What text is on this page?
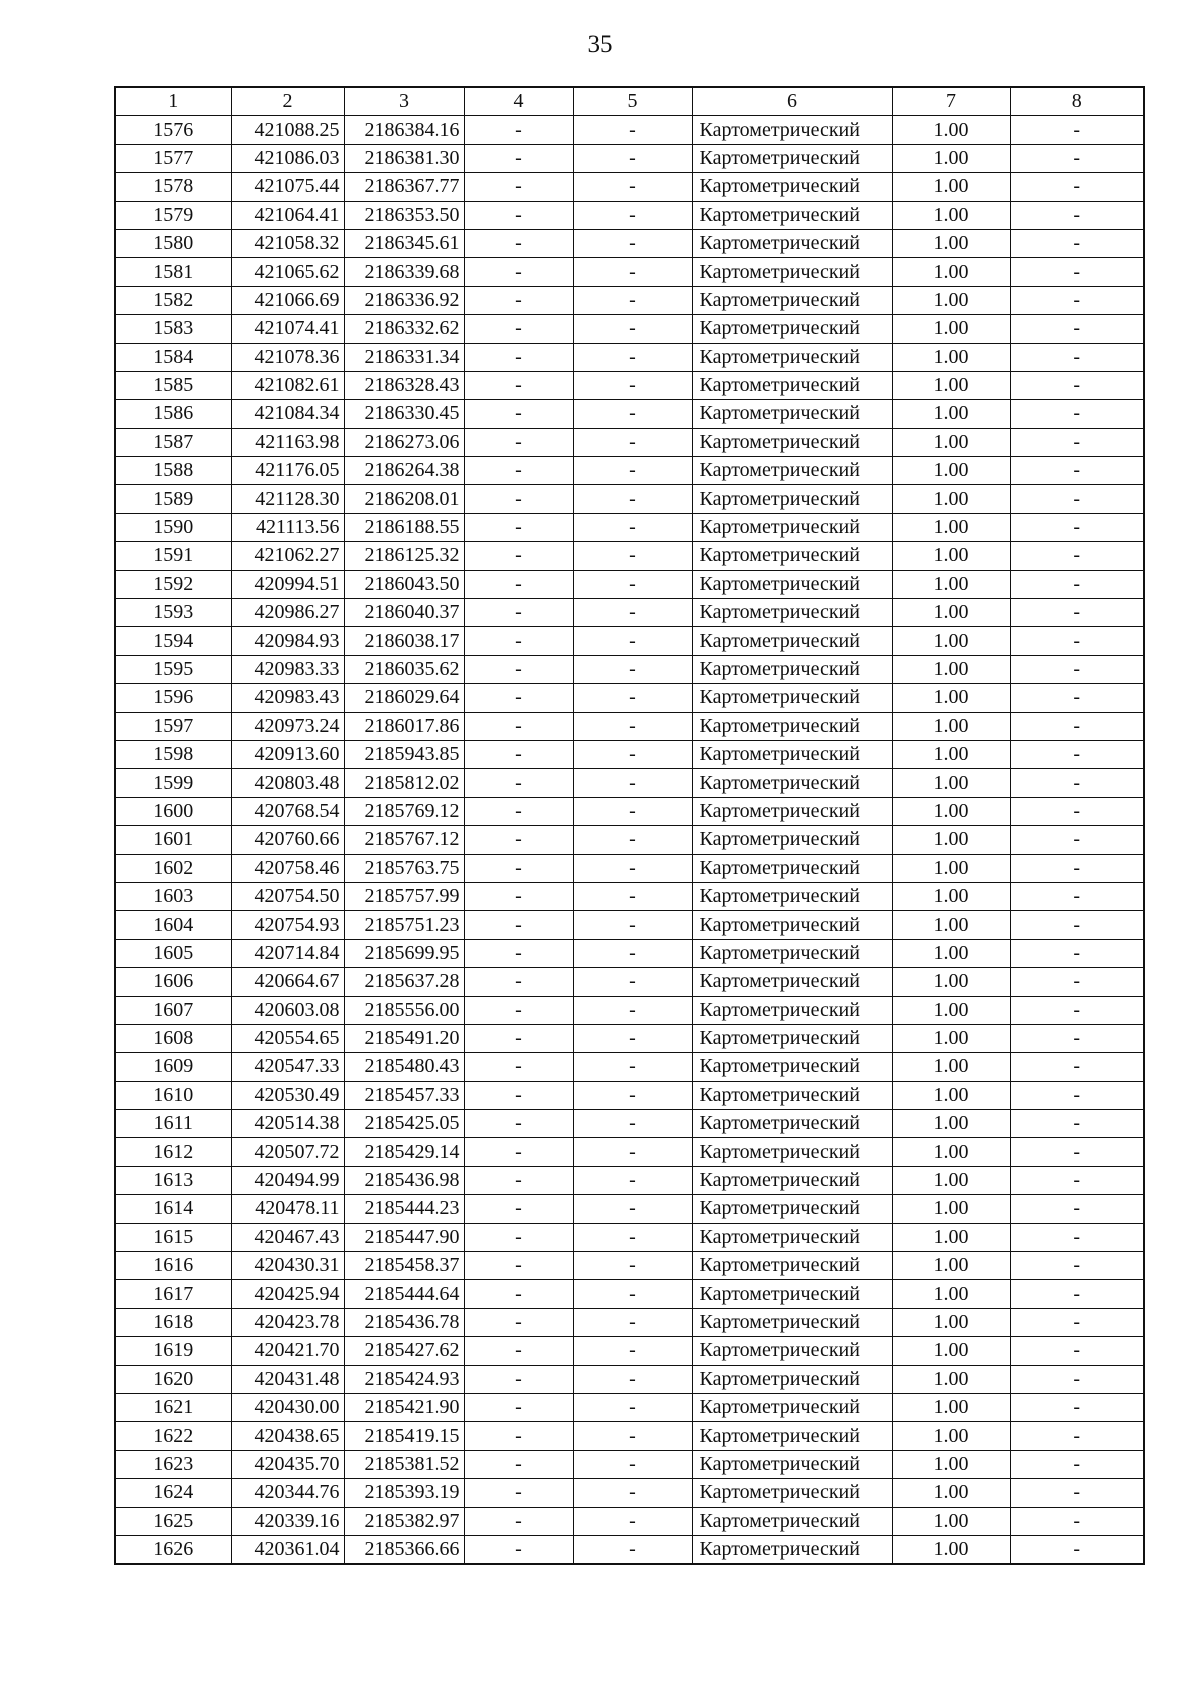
35
1	2	3	4	5	6	7	8
1576	421088.25	2186384.16	-	-	Картометрический	1.00	-
1577	421086.03	2186381.30	-	-	Картометрический	1.00	-
1578	421075.44	2186367.77	-	-	Картометрический	1.00	-
1579	421064.41	2186353.50	-	-	Картометрический	1.00	-
1580	421058.32	2186345.61	-	-	Картометрический	1.00	-
1581	421065.62	2186339.68	-	-	Картометрический	1.00	-
1582	421066.69	2186336.92	-	-	Картометрический	1.00	-
1583	421074.41	2186332.62	-	-	Картометрический	1.00	-
1584	421078.36	2186331.34	-	-	Картометрический	1.00	-
1585	421082.61	2186328.43	-	-	Картометрический	1.00	-
1586	421084.34	2186330.45	-	-	Картометрический	1.00	-
1587	421163.98	2186273.06	-	-	Картометрический	1.00	-
1588	421176.05	2186264.38	-	-	Картометрический	1.00	-
1589	421128.30	2186208.01	-	-	Картометрический	1.00	-
1590	421113.56	2186188.55	-	-	Картометрический	1.00	-
1591	421062.27	2186125.32	-	-	Картометрический	1.00	-
1592	420994.51	2186043.50	-	-	Картометрический	1.00	-
1593	420986.27	2186040.37	-	-	Картометрический	1.00	-
1594	420984.93	2186038.17	-	-	Картометрический	1.00	-
1595	420983.33	2186035.62	-	-	Картометрический	1.00	-
1596	420983.43	2186029.64	-	-	Картометрический	1.00	-
1597	420973.24	2186017.86	-	-	Картометрический	1.00	-
1598	420913.60	2185943.85	-	-	Картометрический	1.00	-
1599	420803.48	2185812.02	-	-	Картометрический	1.00	-
1600	420768.54	2185769.12	-	-	Картометрический	1.00	-
1601	420760.66	2185767.12	-	-	Картометрический	1.00	-
1602	420758.46	2185763.75	-	-	Картометрический	1.00	-
1603	420754.50	2185757.99	-	-	Картометрический	1.00	-
1604	420754.93	2185751.23	-	-	Картометрический	1.00	-
1605	420714.84	2185699.95	-	-	Картометрический	1.00	-
1606	420664.67	2185637.28	-	-	Картометрический	1.00	-
1607	420603.08	2185556.00	-	-	Картометрический	1.00	-
1608	420554.65	2185491.20	-	-	Картометрический	1.00	-
1609	420547.33	2185480.43	-	-	Картометрический	1.00	-
1610	420530.49	2185457.33	-	-	Картометрический	1.00	-
1611	420514.38	2185425.05	-	-	Картометрический	1.00	-
1612	420507.72	2185429.14	-	-	Картометрический	1.00	-
1613	420494.99	2185436.98	-	-	Картометрический	1.00	-
1614	420478.11	2185444.23	-	-	Картометрический	1.00	-
1615	420467.43	2185447.90	-	-	Картометрический	1.00	-
1616	420430.31	2185458.37	-	-	Картометрический	1.00	-
1617	420425.94	2185444.64	-	-	Картометрический	1.00	-
1618	420423.78	2185436.78	-	-	Картометрический	1.00	-
1619	420421.70	2185427.62	-	-	Картометрический	1.00	-
1620	420431.48	2185424.93	-	-	Картометрический	1.00	-
1621	420430.00	2185421.90	-	-	Картометрический	1.00	-
1622	420438.65	2185419.15	-	-	Картометрический	1.00	-
1623	420435.70	2185381.52	-	-	Картометрический	1.00	-
1624	420344.76	2185393.19	-	-	Картометрический	1.00	-
1625	420339.16	2185382.97	-	-	Картометрический	1.00	-
1626	420361.04	2185366.66	-	-	Картометрический	1.00	-
